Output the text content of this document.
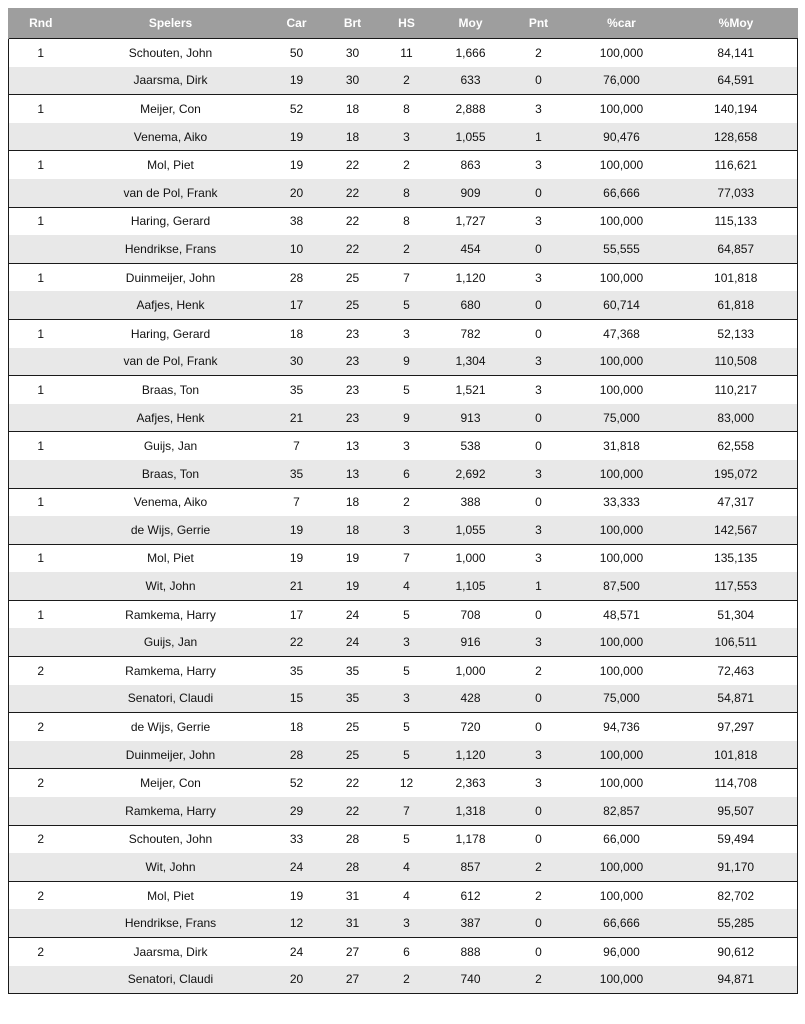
Rnd	Spelers	Car	Brt	HS	Moy	Pnt	%car	%Moy
1	Schouten, John	50	30	11	1,666	2	100,000	84,141
	Jaarsma, Dirk	19	30	2	633	0	76,000	64,591
1	Meijer, Con	52	18	8	2,888	3	100,000	140,194
	Venema, Aiko	19	18	3	1,055	1	90,476	128,658
1	Mol, Piet	19	22	2	863	3	100,000	116,621
	van de Pol, Frank	20	22	8	909	0	66,666	77,033
1	Haring, Gerard	38	22	8	1,727	3	100,000	115,133
	Hendrikse, Frans	10	22	2	454	0	55,555	64,857
1	Duinmeijer, John	28	25	7	1,120	3	100,000	101,818
	Aafjes, Henk	17	25	5	680	0	60,714	61,818
1	Haring, Gerard	18	23	3	782	0	47,368	52,133
	van de Pol, Frank	30	23	9	1,304	3	100,000	110,508
1	Braas, Ton	35	23	5	1,521	3	100,000	110,217
	Aafjes, Henk	21	23	9	913	0	75,000	83,000
1	Guijs, Jan	7	13	3	538	0	31,818	62,558
	Braas, Ton	35	13	6	2,692	3	100,000	195,072
1	Venema, Aiko	7	18	2	388	0	33,333	47,317
	de Wijs, Gerrie	19	18	3	1,055	3	100,000	142,567
1	Mol, Piet	19	19	7	1,000	3	100,000	135,135
	Wit, John	21	19	4	1,105	1	87,500	117,553
1	Ramkema, Harry	17	24	5	708	0	48,571	51,304
	Guijs, Jan	22	24	3	916	3	100,000	106,511
2	Ramkema, Harry	35	35	5	1,000	2	100,000	72,463
	Senatori, Claudi	15	35	3	428	0	75,000	54,871
2	de Wijs, Gerrie	18	25	5	720	0	94,736	97,297
	Duinmeijer, John	28	25	5	1,120	3	100,000	101,818
2	Meijer, Con	52	22	12	2,363	3	100,000	114,708
	Ramkema, Harry	29	22	7	1,318	0	82,857	95,507
2	Schouten, John	33	28	5	1,178	0	66,000	59,494
	Wit, John	24	28	4	857	2	100,000	91,170
2	Mol, Piet	19	31	4	612	2	100,000	82,702
	Hendrikse, Frans	12	31	3	387	0	66,666	55,285
2	Jaarsma, Dirk	24	27	6	888	0	96,000	90,612
	Senatori, Claudi	20	27	2	740	2	100,000	94,871
